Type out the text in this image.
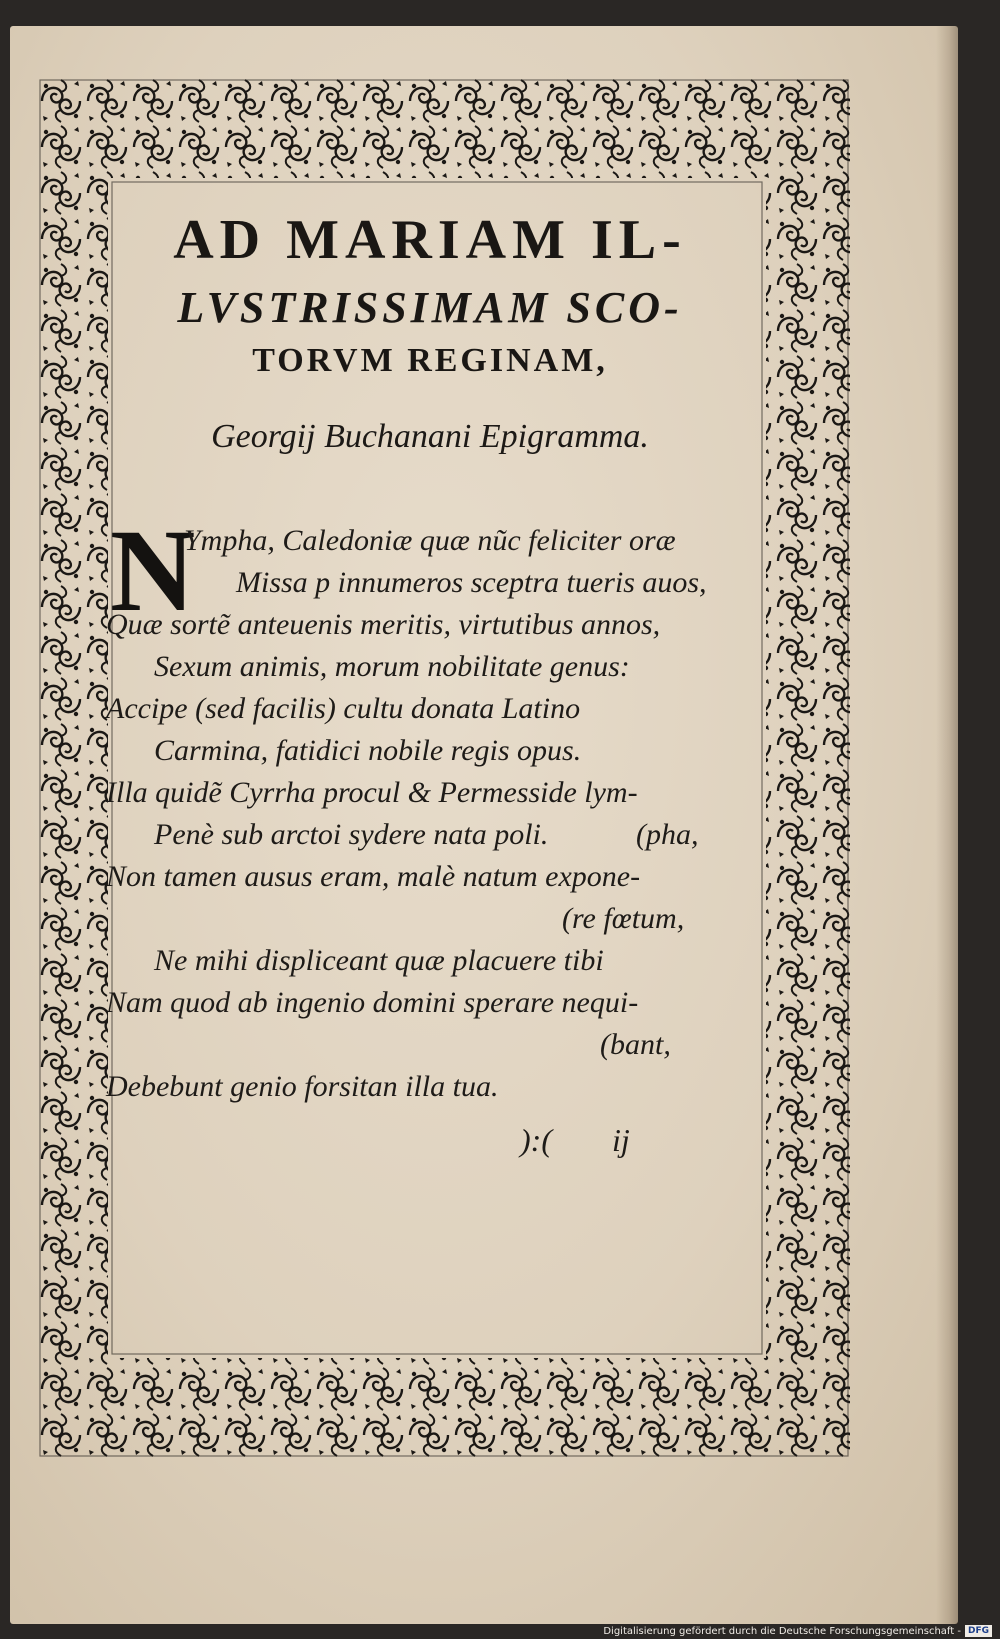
AD MARIAM IL-
LVSTRISSIMAM SCO-
TORVM REGINAM,
Georgij Buchanani Epigramma.
N

Ympha, Caledoniæ quæ nũc feliciter oræ

Missa p innumeros sceptra tueris auos,

Quæ sortẽ anteuenis meritis, virtutibus annos,

Sexum animis, morum nobilitate genus:

Accipe (sed facilis) cultu donata Latino

Carmina, fatidici nobile regis opus.

Illa quidẽ Cyrrha procul & Permesside lym-

Penè sub arctoi sydere nata poli.	(pha,

Non tamen ausus eram, malè natum expone-

(re fœtum,

Ne mihi displiceant quæ placuere tibi

Nam quod ab ingenio domini sperare nequi-

(bant,

Debebunt genio forsitan illa tua.

):( ij
Digitalisierung gefördert durch die Deutsche Forschungsgemeinschaft - DFG
